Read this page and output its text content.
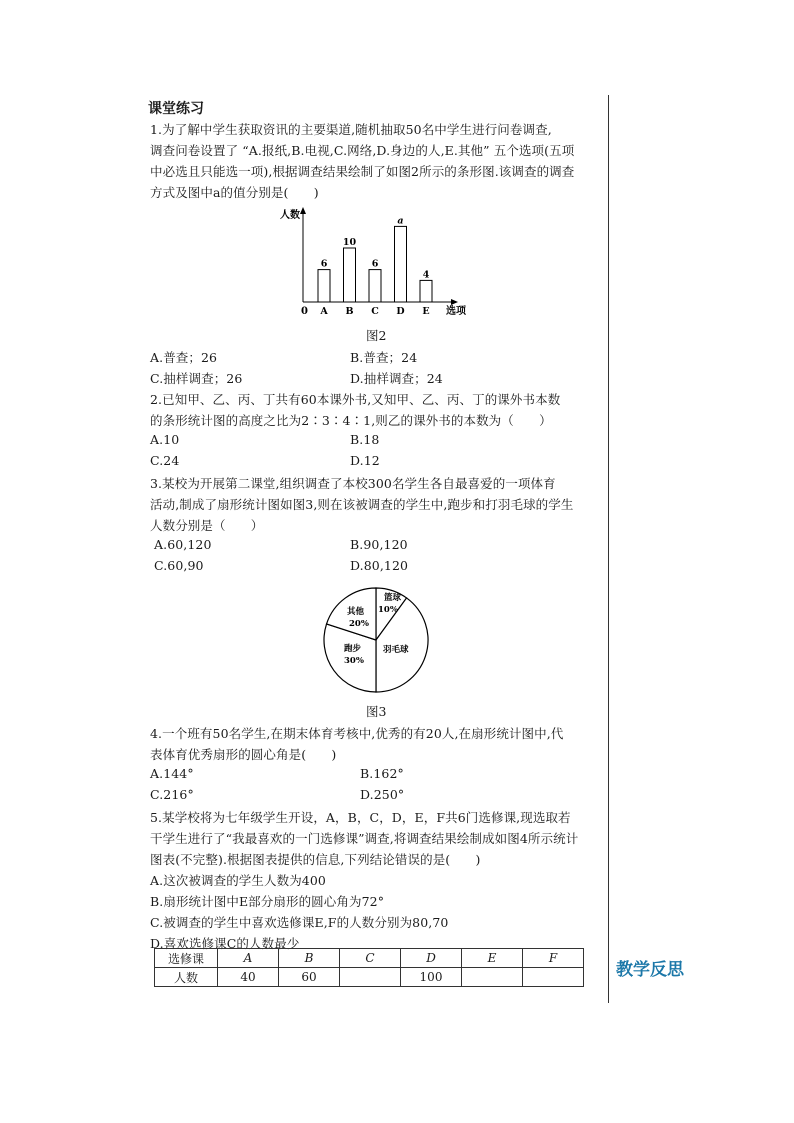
教学反思
课堂练习
1.为了解中学生获取资讯的主要渠道,随机抽取50名中学生进行问卷调查,
调查问卷设置了 “A.报纸,B.电视,C.网络,D.身边的人,E.其他” 五个选项(五项
中必选且只能选一项),根据调查结果绘制了如图2所示的条形图.该调查的调查
方式及图中a的值分别是(　　)
人数
选项
0
6
A
10
B
6
C
a
D
4
E
图2
A.普查；26	B.普查；24
C.抽样调查；26	D.抽样调查；24
2.已知甲、乙、丙、丁共有60本课外书,又知甲、乙、丙、丁的课外书本数
的条形统计图的高度之比为2∶3∶4∶1,则乙的课外书的本数为（　　）
A.10	B.18
C.24	D.12
3.某校为开展第二课堂,组织调查了本校300名学生各自最喜爱的一项体育
活动,制成了扇形统计图如图3,则在该被调查的学生中,跑步和打羽毛球的学生
人数分别是（　　）
A.60,120	B.90,120
C.60,90	D.80,120
篮球
10%
羽毛球
跑步
30%
其他
20%
图3
4.一个班有50名学生,在期末体育考核中,优秀的有20人,在扇形统计图中,代
表体育优秀扇形的圆心角是(　　)
A.144°	B.162°
C.216°	D.250°
5.某学校将为七年级学生开设，A，B，C，D，E，F共6门选修课,现选取若
干学生进行了“我最喜欢的一门选修课”调查,将调查结果绘制成如图4所示统计
图表(不完整).根据图表提供的信息,下列结论错误的是(　　)
A.这次被调查的学生人数为400
B.扇形统计图中E部分扇形的圆心角为72°
C.被调查的学生中喜欢选修课E,F的人数分别为80,70
D.喜欢选修课C的人数最少
选修课	A	B	C	D	E	F
人数	40	60		100		
